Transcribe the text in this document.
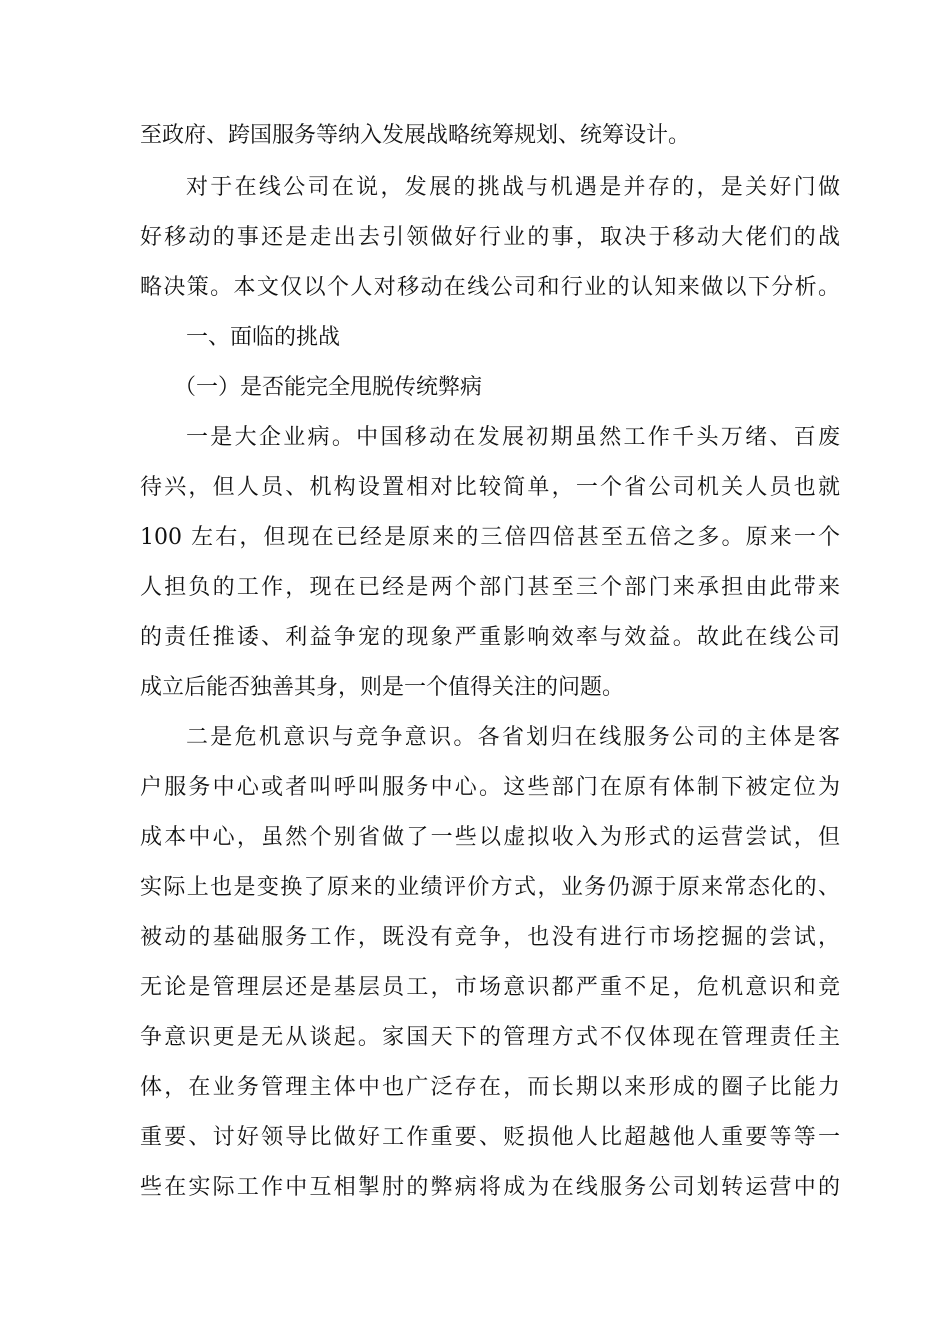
至政府、跨国服务等纳入发展战略统筹规划、统筹设计。
对于在线公司在说，发展的挑战与机遇是并存的，是关好门做
好移动的事还是走出去引领做好行业的事，取决于移动大佬们的战
略决策。本文仅以个人对移动在线公司和行业的认知来做以下分析。
一、面临的挑战
（一）是否能完全甩脱传统弊病
一是大企业病。中国移动在发展初期虽然工作千头万绪、百废
待兴，但人员、机构设置相对比较简单，一个省公司机关人员也就
100 左右，但现在已经是原来的三倍四倍甚至五倍之多。原来一个
人担负的工作，现在已经是两个部门甚至三个部门来承担由此带来
的责任推诿、利益争宠的现象严重影响效率与效益。故此在线公司
成立后能否独善其身，则是一个值得关注的问题。
二是危机意识与竞争意识。各省划归在线服务公司的主体是客
户服务中心或者叫呼叫服务中心。这些部门在原有体制下被定位为
成本中心，虽然个别省做了一些以虚拟收入为形式的运营尝试，但
实际上也是变换了原来的业绩评价方式，业务仍源于原来常态化的、
被动的基础服务工作，既没有竞争，也没有进行市场挖掘的尝试，
无论是管理层还是基层员工，市场意识都严重不足，危机意识和竞
争意识更是无从谈起。家国天下的管理方式不仅体现在管理责任主
体，在业务管理主体中也广泛存在，而长期以来形成的圈子比能力
重要、讨好领导比做好工作重要、贬损他人比超越他人重要等等一
些在实际工作中互相掣肘的弊病将成为在线服务公司划转运营中的
